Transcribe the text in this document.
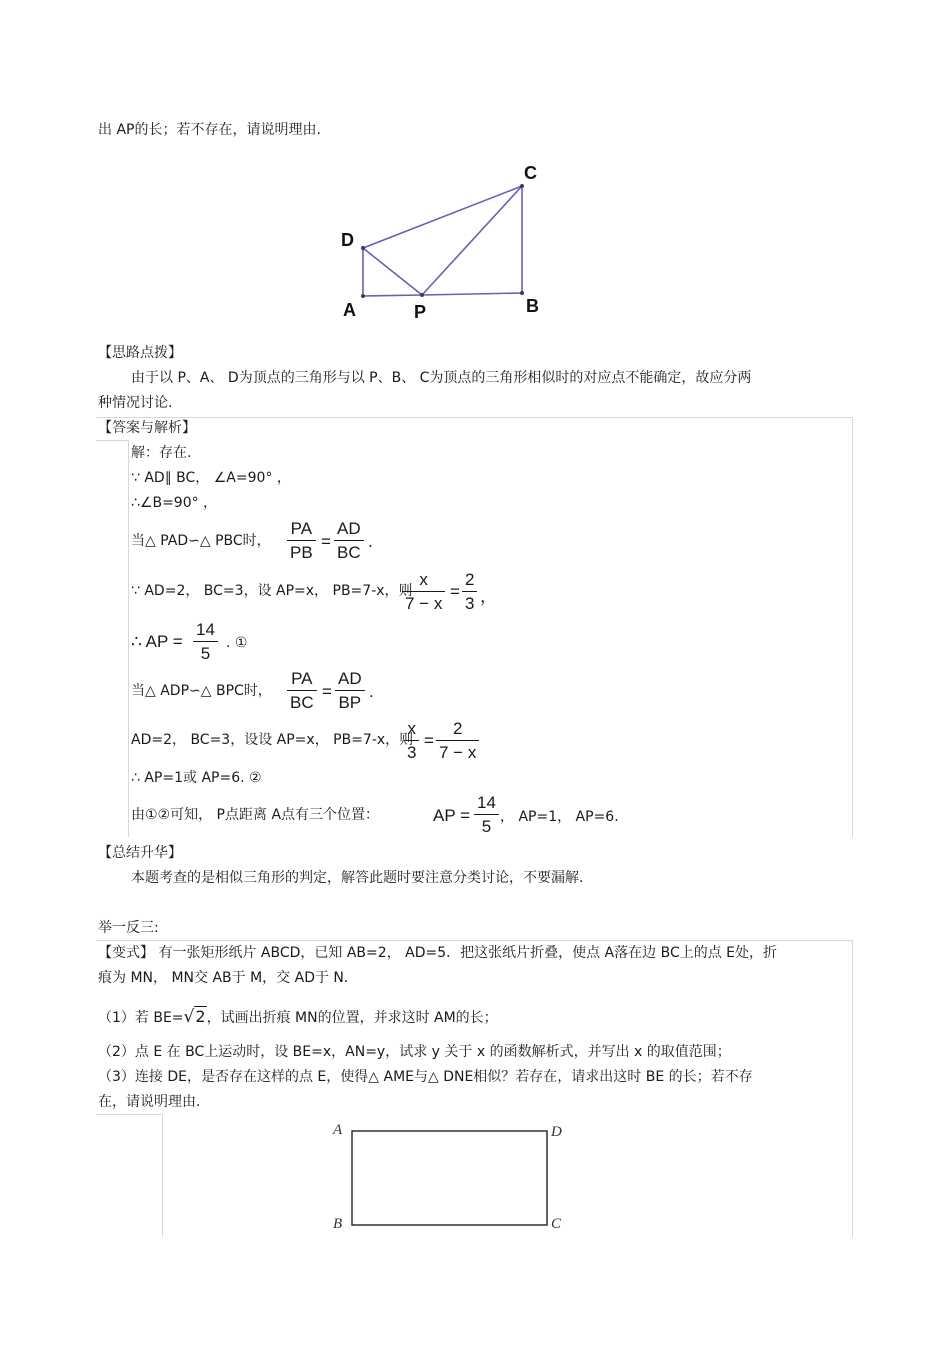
出 AP的长；若不存在，请说明理由.
C
D
A	P	B
【思路点拨】
由于以 P、A、 D为顶点的三角形与以 P、B、 C为顶点的三角形相似时的对应点不能确定，故应分两
种情况讨论.
【答案与解析】
解：存在.
∵ AD∥ BC， ∠A=90° ，
∴∠B=90° ，
当△ PAD∽△ PBC时， $\frac{PA}{PB} = \frac{AD}{BC}$ .
∵ AD=2， BC=3，设 AP=x， PB=7-x，则
$\frac{x}{7 - x} = \frac{2}{3}$ ，
∴ AP = $\frac{14}{5}$ . ①
当△ ADP∽△ BPC时， $\frac{PA}{BC} = \frac{AD}{BP}$ .
AD=2， BC=3，设设 AP=x， PB=7-x，则
$\frac{x}{3} = \frac{2}{7 - x}$
∴ AP=1或 AP=6. ②
由①②可知， P点距离 A点有三个位置：	AP = $\frac{14}{5}$ ， AP=1， AP=6.
【总结升华】
本题考查的是相似三角形的判定，解答此题时要注意分类讨论，不要漏解.
举一反三:
【变式】 有一张矩形纸片 ABCD，已知 AB=2， AD=5．把这张纸片折叠，使点 A落在边 BC上的点 E处，折
痕为 MN， MN交 AB于 M，交 AD于 N．
（1）若 BE=√2，试画出折痕 MN的位置，并求这时 AM的长；
（2）点 E 在 BC上运动时，设 BE=x，AN=y，试求 y 关于 x 的函数解析式，并写出 x 的取值范围；
（3）连接 DE，是否存在这样的点 E，使得△ AME与△ DNE相似？若存在，请求出这时 BE 的长；若不存
在，请说明理由.
A	D
B	C
